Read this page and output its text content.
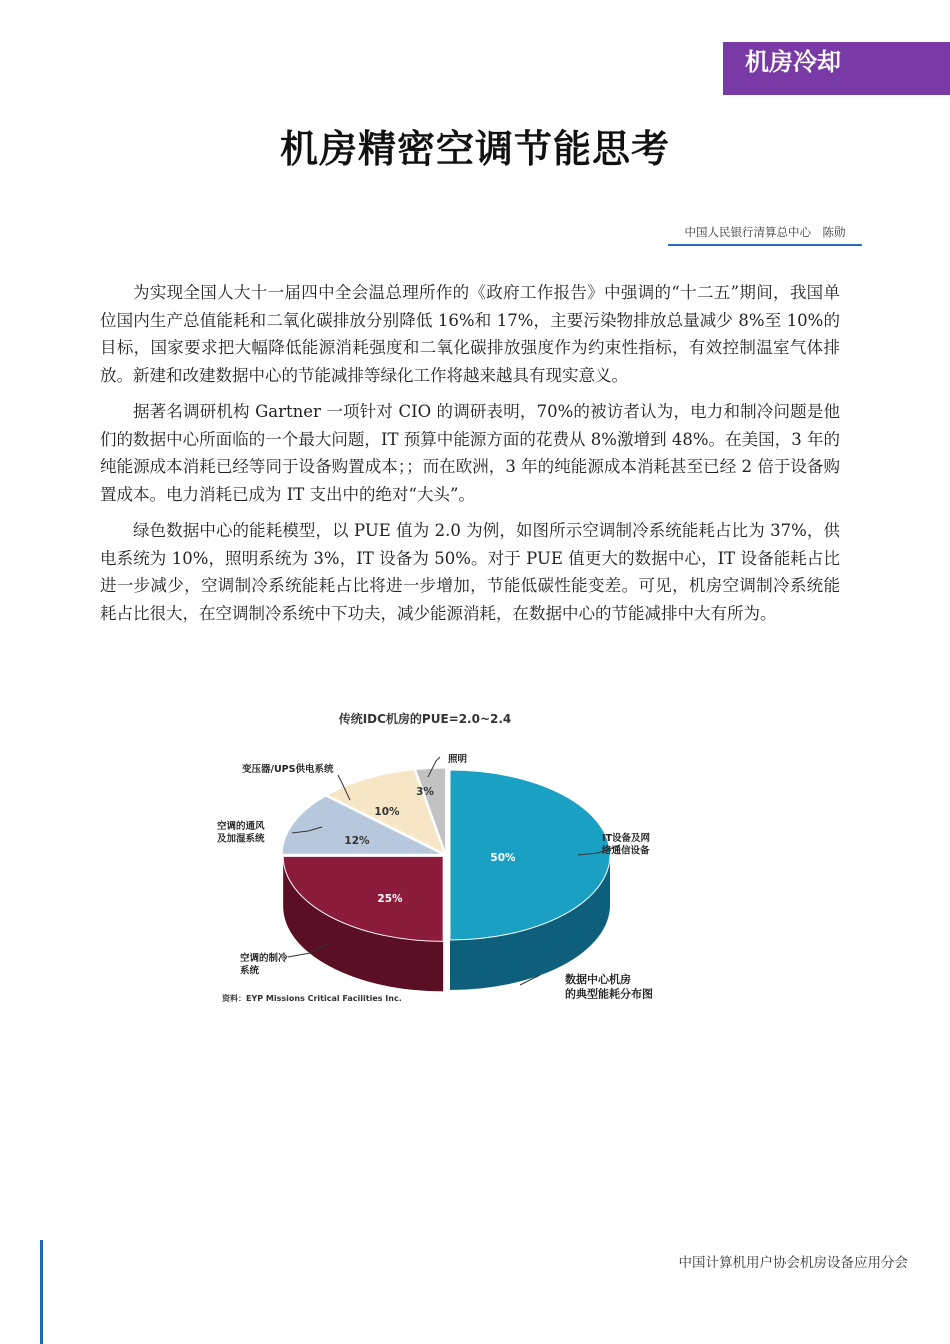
机房冷却
机房精密空调节能思考
中国人民银行清算总中心　陈勋

为实现全国人大十一届四中全会温总理所作的《政府工作报告》中强调的“十二五”期间，我国单位国内生产总值能耗和二氧化碳排放分别降低 16%和 17%，主要污染物排放总量减少 8%至 10%的目标，国家要求把大幅降低能源消耗强度和二氧化碳排放强度作为约束性指标，有效控制温室气体排放。新建和改建数据中心的节能减排等绿化工作将越来越具有现实意义。

据著名调研机构 Gartner 一项针对 CIO 的调研表明，70%的被访者认为，电力和制冷问题是他们的数据中心所面临的一个最大问题，IT 预算中能源方面的花费从 8%激增到 48%。在美国，3 年的纯能源成本消耗已经等同于设备购置成本；；而在欧洲，3 年的纯能源成本消耗甚至已经 2 倍于设备购置成本。电力消耗已成为 IT 支出中的绝对“大头”。

绿色数据中心的能耗模型，以 PUE 值为 2.0 为例，如图所示空调制冷系统能耗占比为 37%，供电系统为 10%，照明系统为 3%，IT 设备为 50%。对于 PUE 值更大的数据中心，IT 设备能耗占比进一步减少，空调制冷系统能耗占比将进一步增加，节能低碳性能变差。可见，机房空调制冷系统能耗占比很大，在空调制冷系统中下功夫，减少能源消耗，在数据中心的节能减排中大有所为。

传统IDC机房的PUE=2.0~2.4
IT设备及网络通信设备
空调的制冷系统
空调的通风及加湿系统
变压器/UPS供电系统
照明
50%
25%
12%
10%
3%
数据中心机房的典型能耗分布图
资料：EYP Missions Critical Facilities Inc.
中国计算机用户协会机房设备应用分会
